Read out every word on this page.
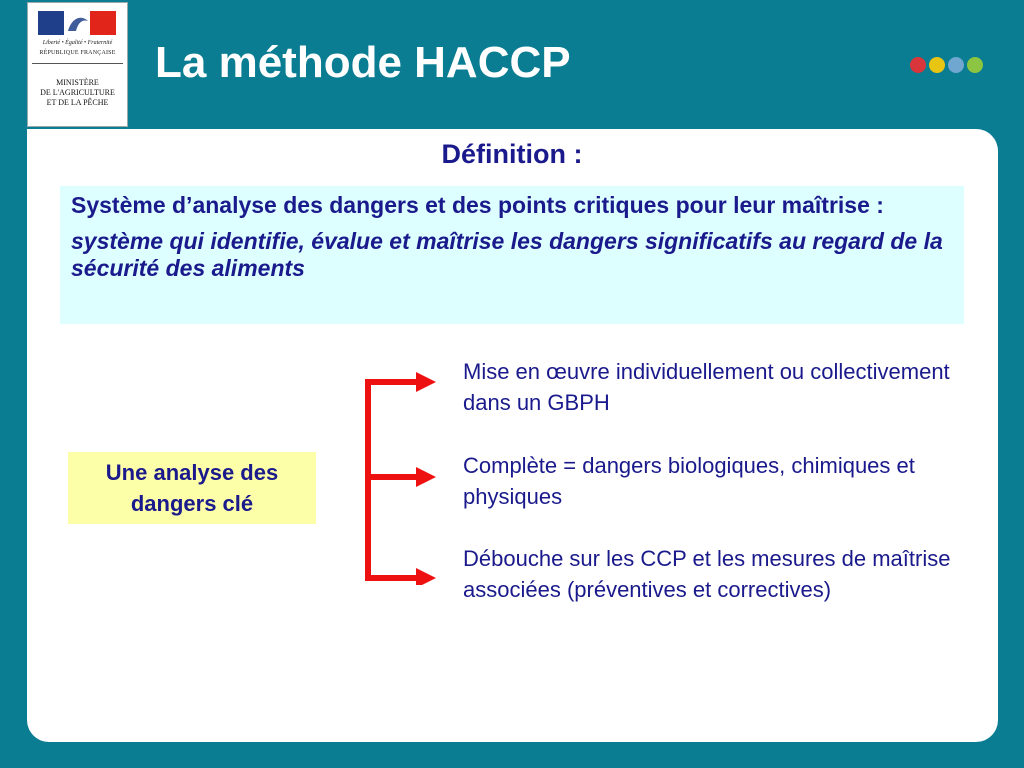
Liberté • Égalité • Fraternité
RÉPUBLIQUE FRANÇAISE
MINISTÈRE
DE L'AGRICULTURE
ET DE LA PÊCHE
La méthode HACCP
Définition :

Système d’analyse des dangers et des points critiques pour leur maîtrise :

système qui identifie, évalue et maîtrise les dangers significatifs au regard de la sécurité des aliments

Une analyse des dangers clé
Mise en œuvre individuellement ou collectivement dans un GBPH
Complète = dangers biologiques, chimiques et physiques
Débouche sur les CCP et les mesures de maîtrise associées (préventives et correctives)
